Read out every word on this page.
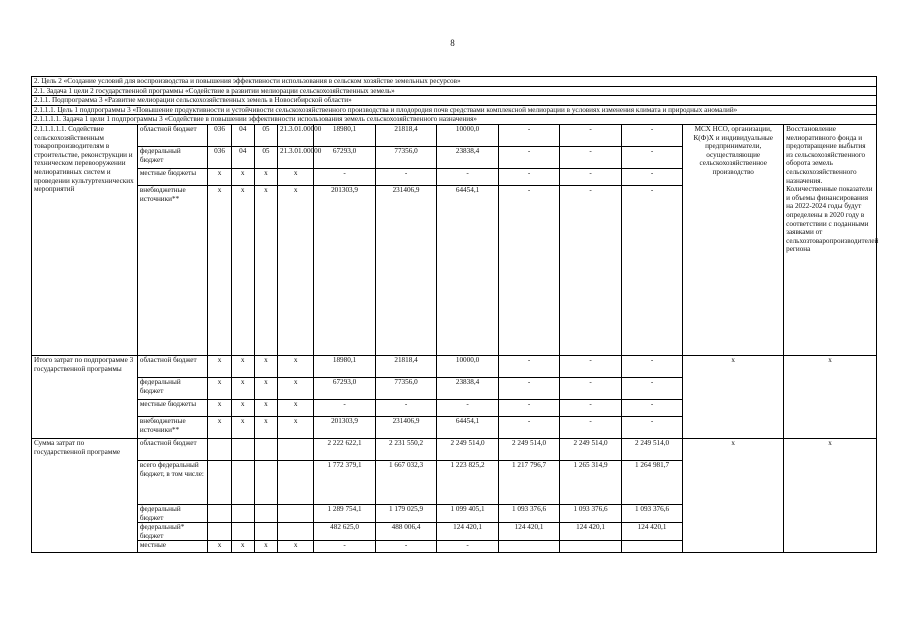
8
2. Цель 2 «Создание условий для воспроизводства и повышения эффективности использования в сельском хозяйстве земельных ресурсов»													
2.1. Задача 1 цели 2 государственной программы «Содействие в развитии мелиорации сельскохозяйственных земель»													
2.1.1. Подпрограмма 3 «Развитие мелиорации сельскохозяйственных земель в Новосибирской области»													
2.1.1.1. Цель 1 подпрограммы 3 «Повышение продуктивности и устойчивости сельскохозяйственного производства и плодородия почв средствами комплексной мелиорации в условиях изменения климата и природных аномалий»													
2.1.1.1.1. Задача 1 цели 1 подпрограммы 3 «Содействие в повышении эффективности использования земель сельскохозяйственного назначения»													
2.1.1.1.1.1. Содействие сельскохозяйственным товаропроизводителям в строительстве, реконструкции и техническом перевооружении мелиоративных систем и проведении культуртехнических мероприятий	областной бюджет	036	04	05	21.3.01.00000	18980,1	21818,4	10000,0	-	-	-	МСХ НСО, организации, К(Ф)Х и индивидуальные предприниматели, осуществляющие сельскохозяйственное производство	Восстановление мелиоративного фонда и предотвращение выбытия из сельскохозяйственного оборота земель сельскохозяйственного назначения. Количественные показатели и объемы финансирования на 2022-2024 годы будут определены в 2020 году в соответствии с поданными заявками от сельхозтоваропроизводителей региона
	федеральный бюджет	036	04	05	21.3.01.00000	67293,0	77356,0	23838,4	-	-	-		
	местные бюджеты	х	х	х	х	-	-	-	-	-	-		
	внебюджетные источники**	х	х	х	х	201303,9	231406,9	64454,1	-	-	-		
Итого затрат по подпрограмме 3 государственной программы	областной бюджет	х	х	х	х	18980,1	21818,4	10000,0	-	-	-	х	х
	федеральный бюджет	х	х	х	х	67293,0	77356,0	23838,4	-	-	-		
	местные бюджеты	х	х	х	х	-	-	-	-	-	-		
	внебюджетные источники**	х	х	х	х	201303,9	231406,9	64454,1	-	-	-		
Сумма затрат по государственной программе	областной бюджет					2 222 622,1	2 231 550,2	2 249 514,0	2 249 514,0	2 249 514,0	2 249 514,0	х	х
	всего федеральный бюджет, в том числе:					1 772 379,1	1 667 032,3	1 223 825,2	1 217 796,7	1 265 314,9	1 264 981,7		
	федеральный бюджет					1 289 754,1	1 179 025,9	1 099 405,1	1 093 376,6	1 093 376,6	1 093 376,6		
	федеральный* бюджет					482 625,0	488 006,4	124 420,1	124 420,1	124 420,1	124 420,1		
	местные	х	х	х	х	-	-	-					
